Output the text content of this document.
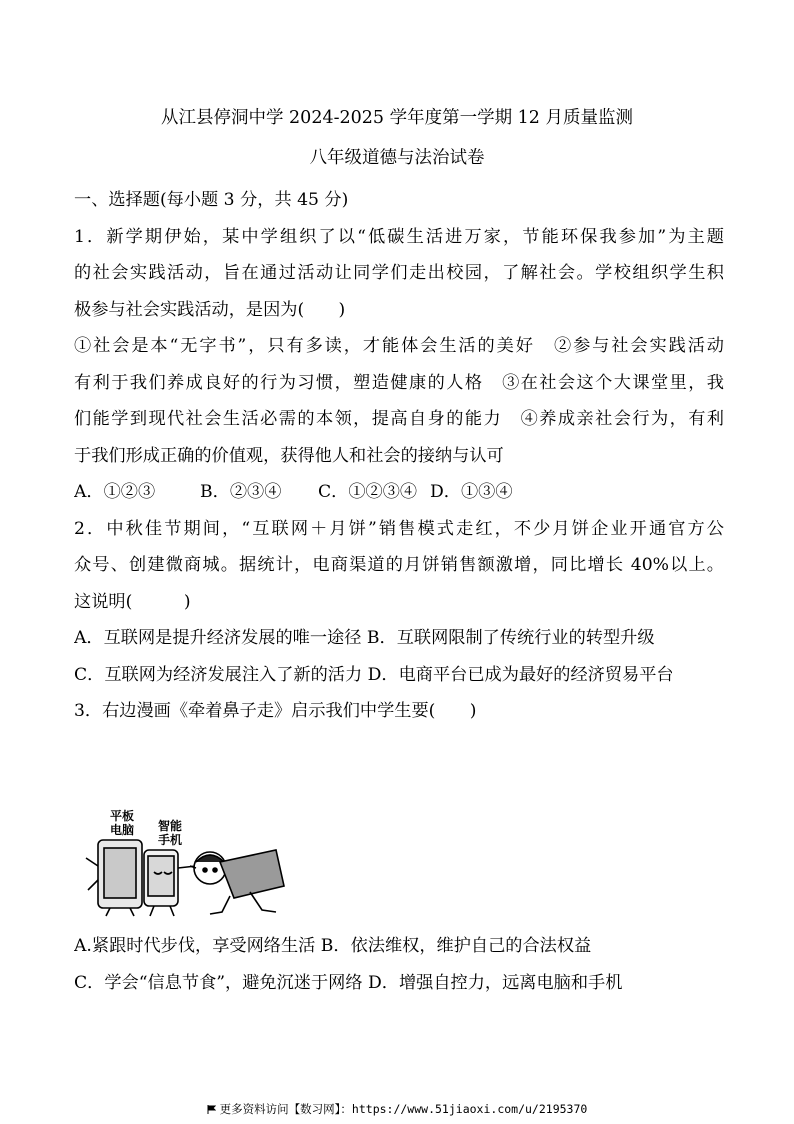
从江县停洞中学 2024-2025 学年度第一学期 12 月质量监测
八年级道德与法治试卷
一、选择题(每小题 3 分，共 45 分)
1．新学期伊始，某中学组织了以“低碳生活进万家，节能环保我参加”为主题
的社会实践活动，旨在通过活动让同学们走出校园，了解社会。学校组织学生积
极参与社会实践活动，是因为(　　)
①社会是本“无字书”，只有多读，才能体会生活的美好　②参与社会实践活动
有利于我们养成良好的行为习惯，塑造健康的人格　③在社会这个大课堂里，我
们能学到现代社会生活必需的本领，提高自身的能力　④养成亲社会行为，有利
于我们形成正确的价值观，获得他人和社会的接纳与认可
A．①②③	B．②③④ C．①②③④ D．①③④
2．中秋佳节期间，“互联网＋月饼”销售模式走红，不少月饼企业开通官方公
众号、创建微商城。据统计，电商渠道的月饼销售额激增，同比增长 40%以上。
这说明(　　　)
A．互联网是提升经济发展的唯一途径 B．互联网限制了传统行业的转型升级
C．互联网为经济发展注入了新的活力 D．电商平台已成为最好的经济贸易平台
3．右边漫画《牵着鼻子走》启示我们中学生要(　　)
平板
电脑 智能
手机
A.紧跟时代步伐，享受网络生活 B．依法维权，维护自己的合法权益
C．学会“信息节食”，避免沉迷于网络 D．增强自控力，远离电脑和手机
更多资料访问【数习网】：https://www.51jiaoxi.com/u/2195370
